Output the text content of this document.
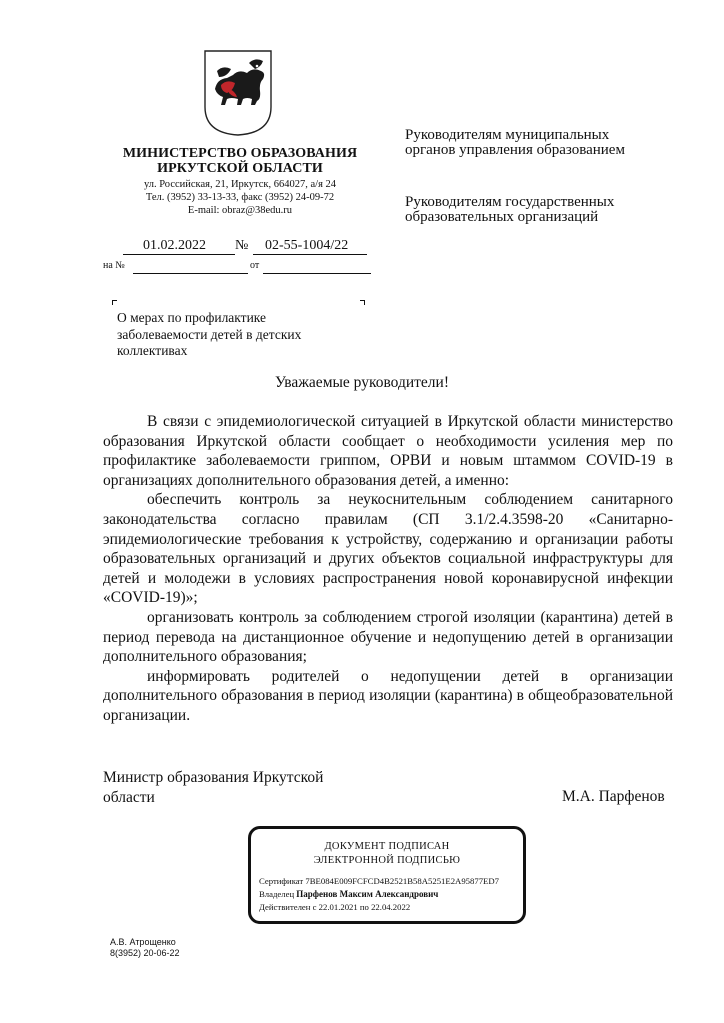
МИНИСТЕРСТВО ОБРАЗОВАНИЯ
ИРКУТСКОЙ ОБЛАСТИ
ул. Российская, 21, Иркутск, 664027, а/я 24
Тел. (3952) 33-13-33, факс (3952) 24-09-72
E-mail: obraz@38edu.ru
01.02.2022 № 02-55-1004/22
на №	от
Руководителям муниципальных
органов управления образованием
Руководителям государственных
образовательных организаций
О мерах по профилактике
заболеваемости детей в детских
коллективах
Уважаемые руководители!

В связи с эпидемиологической ситуацией в Иркутской области министерство образования Иркутской области сообщает о необходимости усиления мер по профилактике заболеваемости гриппом, ОРВИ и новым штаммом COVID-19 в организациях дополнительного образования детей, а именно:

обеспечить контроль за неукоснительным соблюдением санитарного законодательства согласно правилам (СП 3.1/2.4.3598-20 «Санитарно-эпидемиологические требования к устройству, содержанию и организации работы образовательных организаций и других объектов социальной инфраструктуры для детей и молодежи в условиях распространения новой коронавирусной инфекции «COVID-19)»;

организовать контроль за соблюдением строгой изоляции (карантина) детей в период перевода на дистанционное обучение и недопущению детей в организации дополнительного образования;

информировать родителей о недопущении детей в организации дополнительного образования в период изоляции (карантина) в общеобразовательной организации.

Министр образования Иркутской
области	М.А. Парфенов
ДОКУМЕНТ ПОДПИСАН
ЭЛЕКТРОННОЙ ПОДПИСЬЮ
Сертификат 7BE084E009FCFCD4B2521B58A5251E2A95877ED7
Владелец Парфенов Максим Александрович
Действителен с 22.01.2021 по 22.04.2022
А.В. Атрощенко
8(3952) 20-06-22
